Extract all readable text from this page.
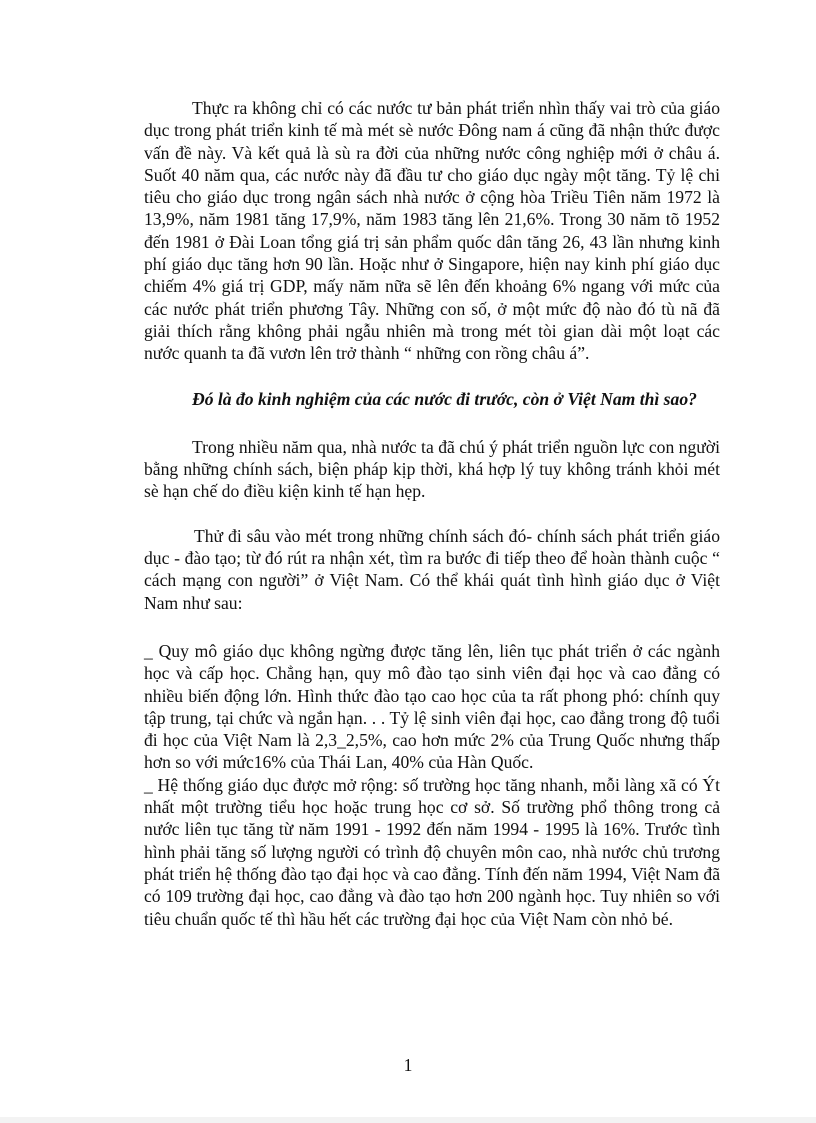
Thực ra không chỉ có các nước tư bản phát triển nhìn thấy vai trò của giáo dục trong phát triển kinh tế mà mét sè nước Đông nam á cũng đã nhận thức được vấn đề này. Và kết quả là sù ra đời của những nước công nghiệp mới ở châu á. Suốt 40 năm qua, các nước này đã đầu tư cho giáo dục ngày một tăng. Tỷ lệ chi tiêu cho giáo dục trong ngân sách nhà nước ở cộng hòa Triều Tiên năm 1972 là 13,9%, năm 1981 tăng 17,9%, năm 1983 tăng lên 21,6%. Trong 30 năm tõ 1952 đến 1981 ở Đài Loan tổng giá trị sản phẩm quốc dân tăng 26, 43 lần nhưng kinh phí giáo dục tăng hơn 90 lần. Hoặc như ở Singapore, hiện nay kinh phí giáo dục chiếm 4% giá trị GDP, mấy năm nữa sẽ lên đến khoảng 6% ngang với mức của các nước phát triển phương Tây. Những con số, ở một mức độ nào đó tù nã đã giải thích rằng không phải ngẫu nhiên mà trong mét tòi gian dài một loạt các nước quanh ta đã vươn lên trở thành “ những con rồng châu á”.

Đó là đo kinh nghiệm của các nước đi trước, còn ở Việt Nam thì sao?

Trong nhiều năm qua, nhà nước ta đã chú ý phát triển nguồn lực con người bằng những chính sách, biện pháp kịp thời, khá hợp lý tuy không tránh khỏi mét sè hạn chế do điều kiện kinh tế hạn hẹp.

Thử đi sâu vào mét trong những chính sách đó- chính sách phát triển giáo dục - đào tạo; từ đó rút ra nhận xét, tìm ra bước đi tiếp theo để hoàn thành cuộc “ cách mạng con người” ở Việt Nam. Có thể khái quát tình hình giáo dục ở Việt Nam như sau:

_ Quy mô giáo dục không ngừng được tăng lên, liên tục phát triển ở các ngành học và cấp học. Chẳng hạn, quy mô đào tạo sinh viên đại học và cao đẳng có nhiều biến động lớn. Hình thức đào tạo cao học của ta rất phong phó: chính quy tập trung, tại chức và ngắn hạn. . . Tỷ lệ sinh viên đại học, cao đẳng trong độ tuổi đi học của Việt Nam là 2,3_2,5%, cao hơn mức 2% của Trung Quốc nhưng thấp hơn so với mức16% của Thái Lan, 40% của Hàn Quốc.

_ Hệ thống giáo dục được mở rộng: số trường học tăng nhanh, mỗi làng xã có Ýt nhất một trường tiểu học hoặc trung học cơ sở. Số trường phổ thông trong cả nước liên tục tăng từ năm 1991 - 1992 đến năm 1994 - 1995 là 16%. Trước tình hình phải tăng số lượng người có trình độ chuyên môn cao, nhà nước chủ trương phát triển hệ thống đào tạo đại học và cao đẳng. Tính đến năm 1994, Việt Nam đã có 109 trường đại học, cao đẳng và đào tạo hơn 200 ngành học. Tuy nhiên so với tiêu chuẩn quốc tế thì hầu hết các trường đại học của Việt Nam còn nhỏ bé.

1
